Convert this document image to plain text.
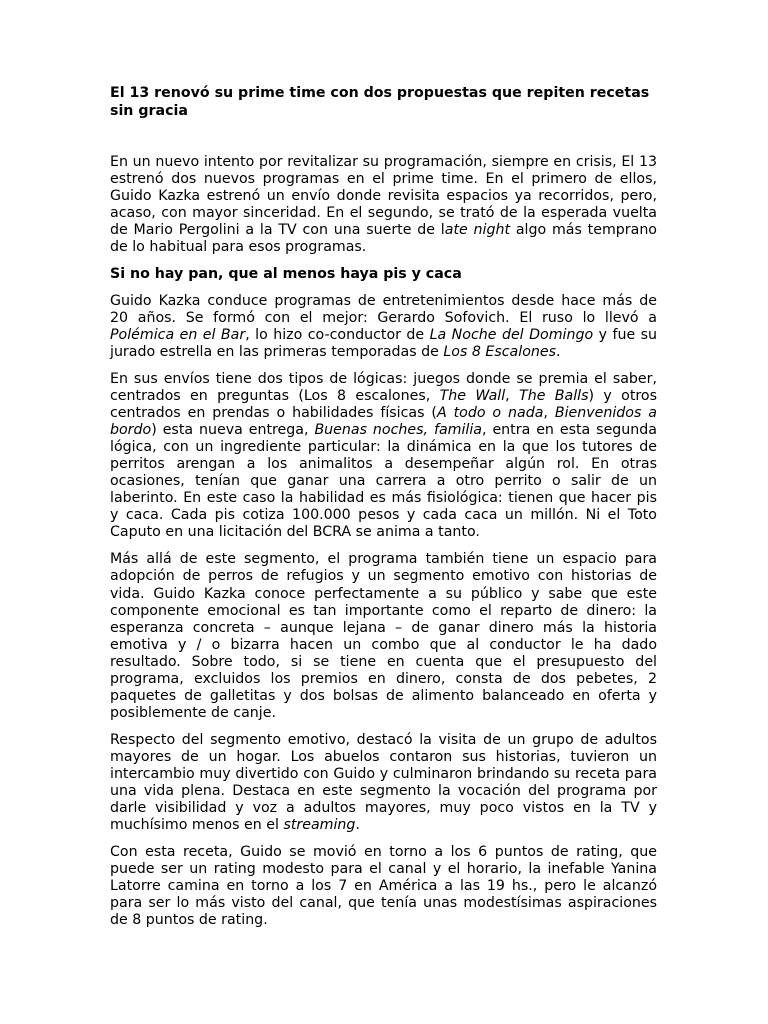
El 13 renovó su prime time con dos propuestas que repiten recetas sin gracia

En un nuevo intento por revitalizar su programación, siempre en crisis, El 13 estrenó dos nuevos programas en el prime time. En el primero de ellos, Guido Kazka estrenó un envío donde revisita espacios ya recorridos, pero, acaso, con mayor sinceridad. En el segundo, se trató de la esperada vuelta de Mario Pergolini a la TV con una suerte de late night algo más temprano de lo habitual para esos programas.

Si no hay pan, que al menos haya pis y caca

Guido Kazka conduce programas de entretenimientos desde hace más de 20 años. Se formó con el mejor: Gerardo Sofovich. El ruso lo llevó a Polémica en el Bar, lo hizo co-conductor de La Noche del Domingo y fue su jurado estrella en las primeras temporadas de Los 8 Escalones.

En sus envíos tiene dos tipos de lógicas: juegos donde se premia el saber, centrados en preguntas (Los 8 escalones, The Wall, The Balls) y otros centrados en prendas o habilidades físicas (A todo o nada, Bienvenidos a bordo) esta nueva entrega, Buenas noches, familia, entra en esta segunda lógica, con un ingrediente particular: la dinámica en la que los tutores de perritos arengan a los animalitos a desempeñar algún rol. En otras ocasiones, tenían que ganar una carrera a otro perrito o salir de un laberinto. En este caso la habilidad es más fisiológica: tienen que hacer pis y caca. Cada pis cotiza 100.000 pesos y cada caca un millón. Ni el Toto Caputo en una licitación del BCRA se anima a tanto.

Más allá de este segmento, el programa también tiene un espacio para adopción de perros de refugios y un segmento emotivo con historias de vida. Guido Kazka conoce perfectamente a su público y sabe que este componente emocional es tan importante como el reparto de dinero: la esperanza concreta – aunque lejana – de ganar dinero más la historia emotiva y / o bizarra hacen un combo que al conductor le ha dado resultado. Sobre todo, si se tiene en cuenta que el presupuesto del programa, excluidos los premios en dinero, consta de dos pebetes, 2 paquetes de galletitas y dos bolsas de alimento balanceado en oferta y posiblemente de canje.

Respecto del segmento emotivo, destacó la visita de un grupo de adultos mayores de un hogar. Los abuelos contaron sus historias, tuvieron un intercambio muy divertido con Guido y culminaron brindando su receta para una vida plena. Destaca en este segmento la vocación del programa por darle visibilidad y voz a adultos mayores, muy poco vistos en la TV y muchísimo menos en el streaming.

Con esta receta, Guido se movió en torno a los 6 puntos de rating, que puede ser un rating modesto para el canal y el horario, la inefable Yanina Latorre camina en torno a los 7 en América a las 19 hs., pero le alcanzó para ser lo más visto del canal, que tenía unas modestísimas aspiraciones de 8 puntos de rating.
